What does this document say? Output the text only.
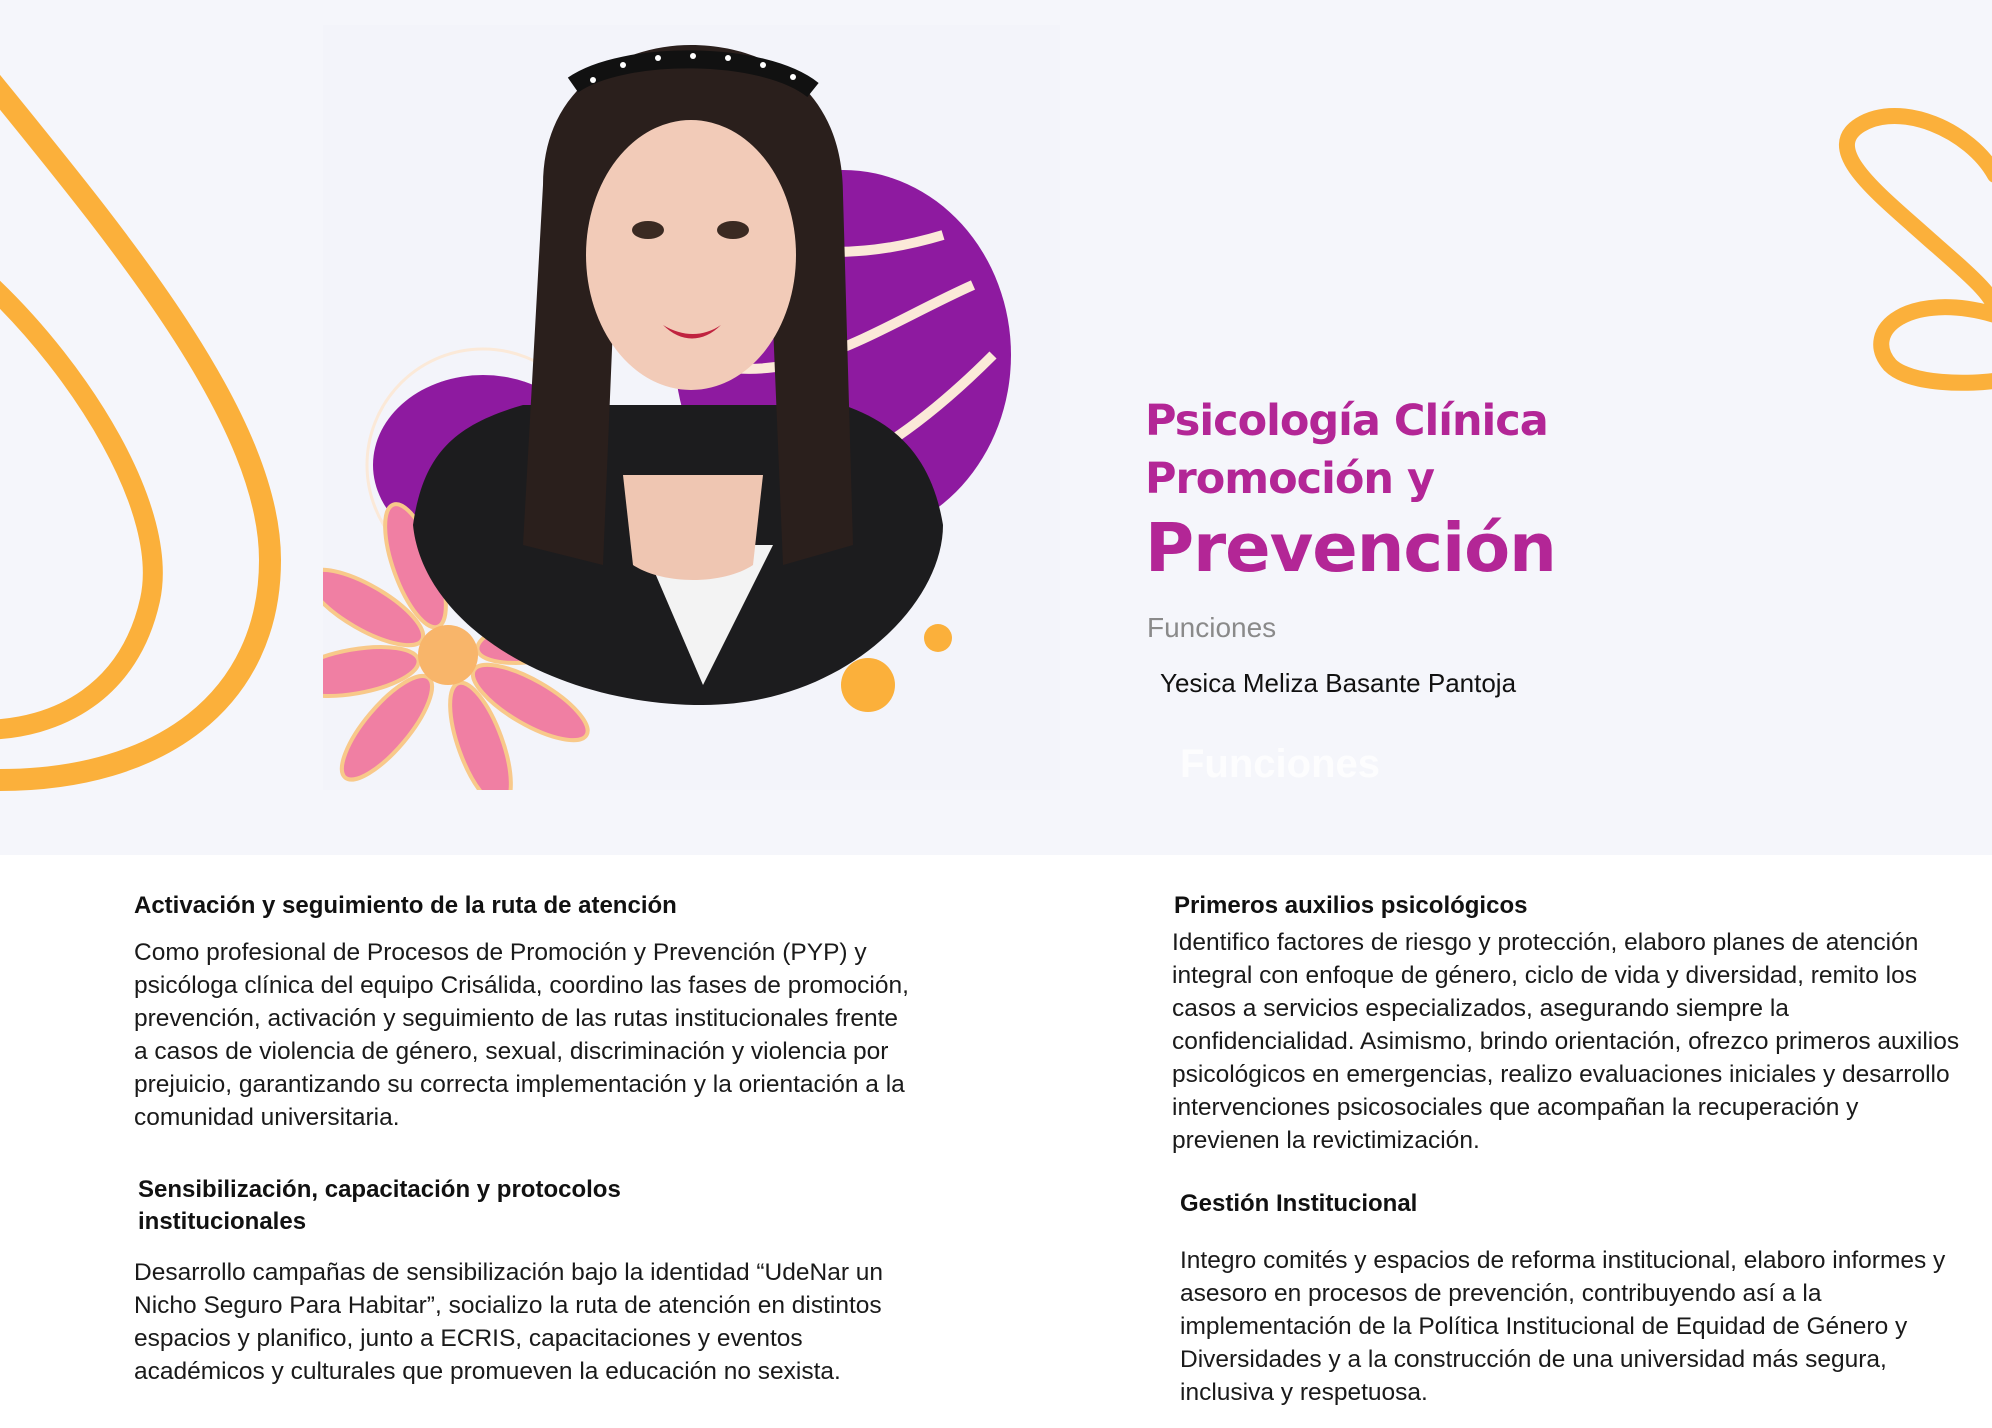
Psicología Clínica
Promoción y
Prevención
Funciones
Yesica Meliza Basante Pantoja
Funciones
Activación y seguimiento de la ruta de atención

Como profesional de Procesos de Promoción y Prevención (PYP) y psicóloga clínica del equipo Crisálida, coordino las fases de promoción, prevención, activación y seguimiento de las rutas institucionales frente a casos de violencia de género, sexual, discriminación y violencia por prejuicio, garantizando su correcta implementación y la orientación a la comunidad universitaria.

Sensibilización, capacitación y protocolos institucionales

Desarrollo campañas de sensibilización bajo la identidad “UdeNar un Nicho Seguro Para Habitar”, socializo la ruta de atención en distintos espacios y planifico, junto a ECRIS, capacitaciones y eventos académicos y culturales que promueven la educación no sexista.

Primeros auxilios psicológicos

Identifico factores de riesgo y protección, elaboro planes de atención integral con enfoque de género, ciclo de vida y diversidad, remito los casos a servicios especializados, asegurando siempre la confidencialidad. Asimismo, brindo orientación, ofrezco primeros auxilios psicológicos en emergencias, realizo evaluaciones iniciales y desarrollo intervenciones psicosociales que acompañan la recuperación y previenen la revictimización.

Gestión Institucional

Integro comités y espacios de reforma institucional, elaboro informes y asesoro en procesos de prevención, contribuyendo así a la implementación de la Política Institucional de Equidad de Género y Diversidades y a la construcción de una universidad más segura, inclusiva y respetuosa.
